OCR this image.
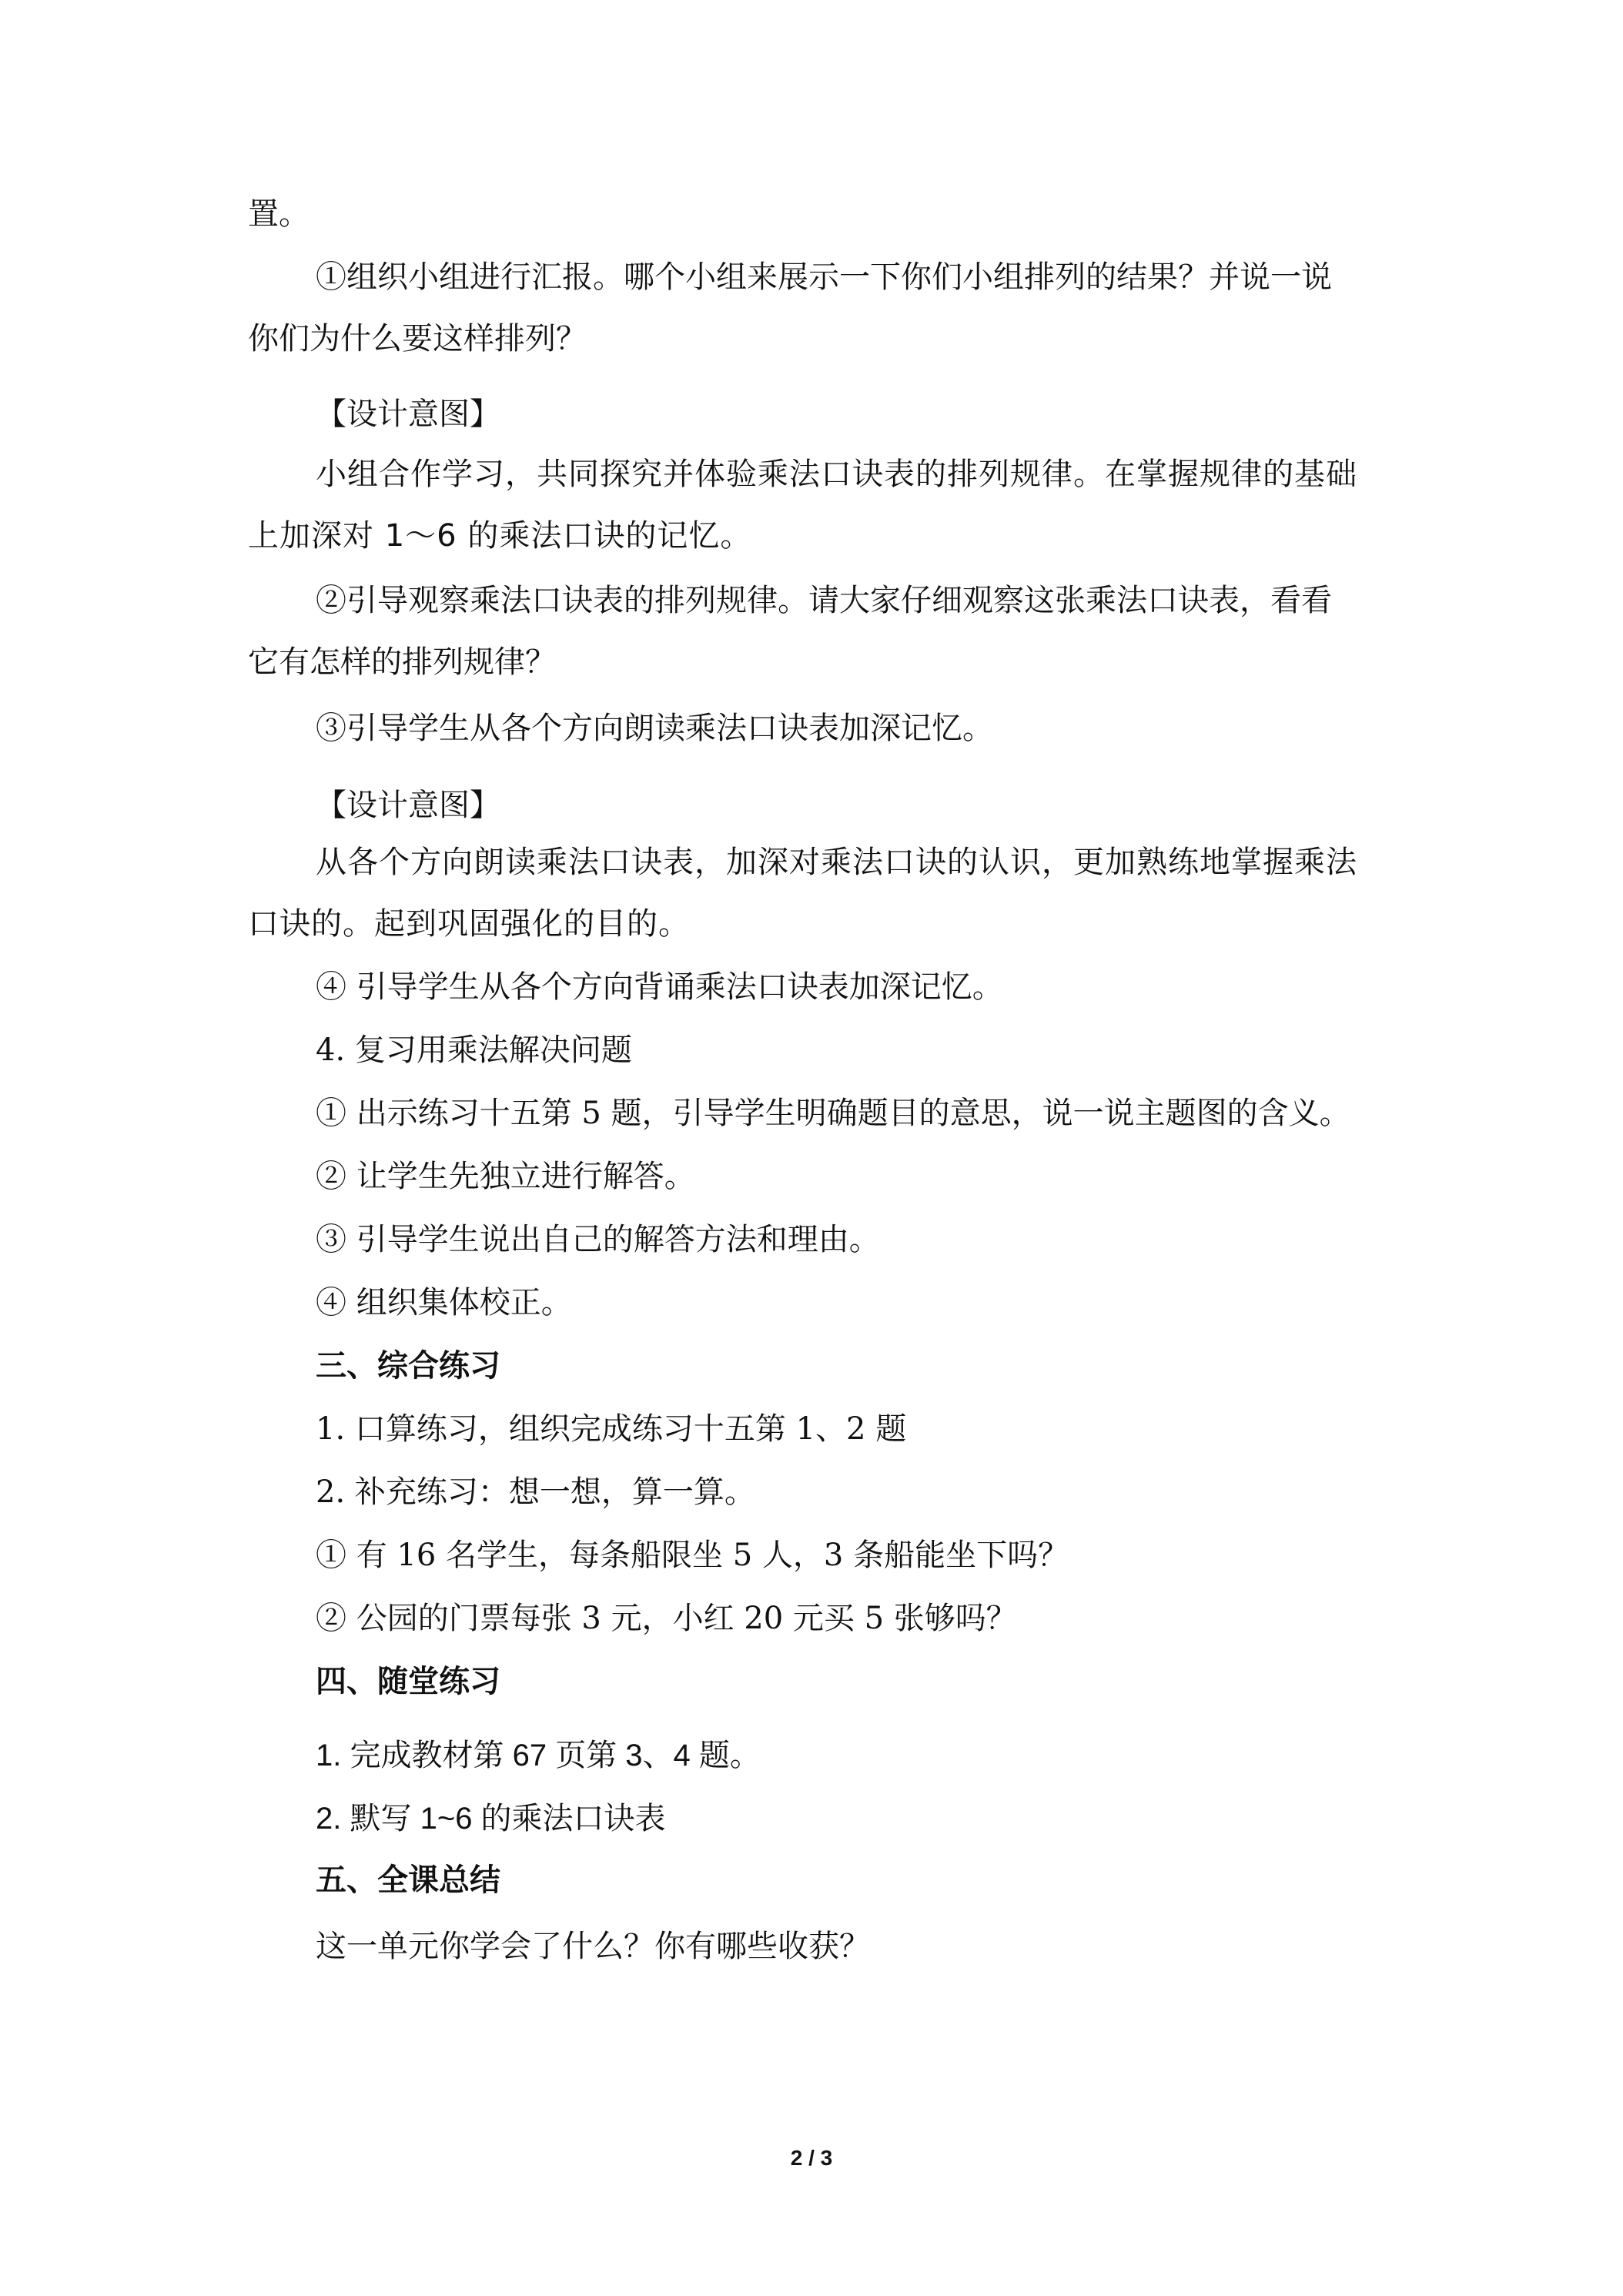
置。

①组织小组进行汇报。哪个小组来展示一下你们小组排列的结果？并说一说

你们为什么要这样排列？

【设计意图】

小组合作学习，共同探究并体验乘法口诀表的排列规律。在掌握规律的基础

上加深对 1～6 的乘法口诀的记忆。

②引导观察乘法口诀表的排列规律。请大家仔细观察这张乘法口诀表，看看

它有怎样的排列规律？

③引导学生从各个方向朗读乘法口诀表加深记忆。

【设计意图】

从各个方向朗读乘法口诀表，加深对乘法口诀的认识，更加熟练地掌握乘法

口诀的。起到巩固强化的目的。

④ 引导学生从各个方向背诵乘法口诀表加深记忆。

4. 复习用乘法解决问题

① 出示练习十五第 5 题，引导学生明确题目的意思，说一说主题图的含义。

② 让学生先独立进行解答。

③ 引导学生说出自己的解答方法和理由。

④ 组织集体校正。

三、综合练习

1. 口算练习，组织完成练习十五第 1、2 题

2. 补充练习：想一想，算一算。

① 有 16 名学生，每条船限坐 5 人，3 条船能坐下吗？

② 公园的门票每张 3 元，小红 20 元买 5 张够吗？

四、随堂练习

1. 完成教材第 67 页第 3、4 题。

2. 默写 1~6 的乘法口诀表

五、全课总结

这一单元你学会了什么？你有哪些收获？

2 / 3
